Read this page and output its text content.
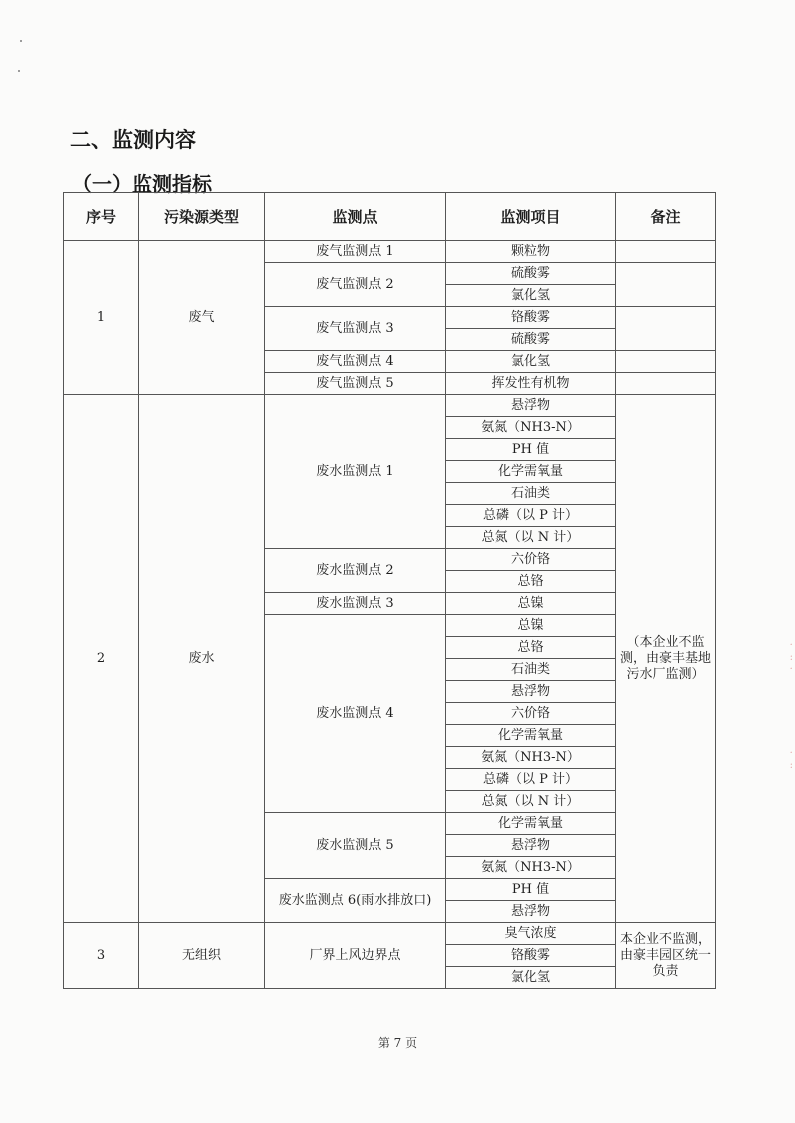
二、监测内容
（一）监测指标
序号	污染源类型	监测点	监测项目	备注
1	废气	废气监测点 1	颗粒物	
		废气监测点 2	硫酸雾	
			氯化氢	
		废气监测点 3	铬酸雾	
			硫酸雾	
		废气监测点 4	氯化氢	
		废气监测点 5	挥发性有机物	
2	废水	废水监测点 1	悬浮物	（本企业不监测，由豪丰基地污水厂监测）
			氨氮（NH3-N）	
			PH 值	
			化学需氧量	
			石油类	
			总磷（以 P 计）	
			总氮（以 N 计）	
		废水监测点 2	六价铬	
			总铬	
		废水监测点 3	总镍	
		废水监测点 4	总镍	
			总铬	
			石油类	
			悬浮物	
			六价铬	
			化学需氧量	
			氨氮（NH3-N）	
			总磷（以 P 计）	
			总氮（以 N 计）	
		废水监测点 5	化学需氧量	
			悬浮物	
			氨氮（NH3-N）	
		废水监测点 6(雨水排放口)	PH 值	
			悬浮物	
3	无组织	厂界上风边界点	臭气浓度	本企业不监测，由豪丰园区统一负责
			铬酸雾	
			氯化氢	
第 7 页
·
:
·
·
:
